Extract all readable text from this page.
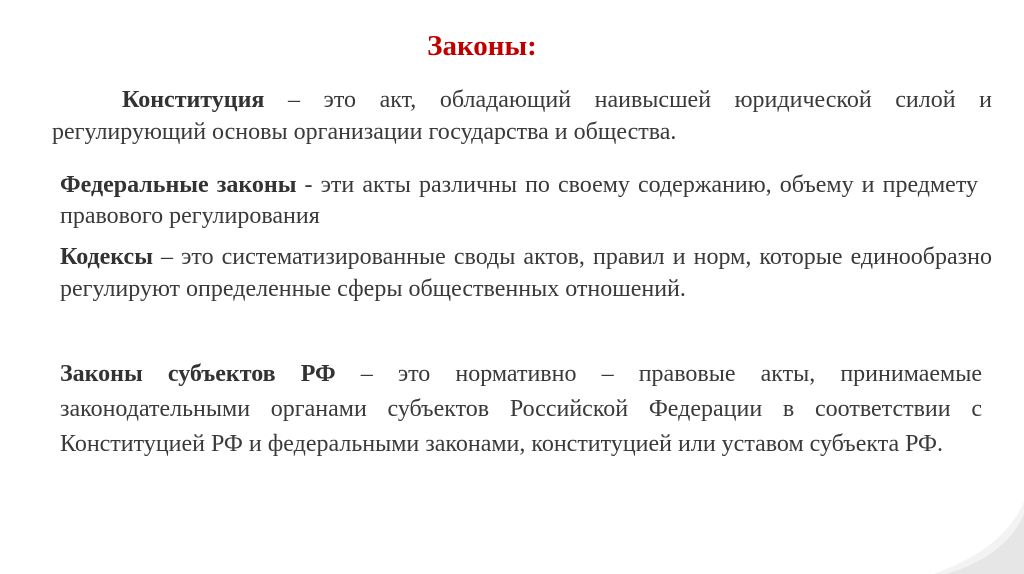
Законы:
Конституция – это акт, обладающий наивысшей юридической силой и регулирующий основы организации государства и общества.
Федеральные законы - эти акты различны по своему содержанию, объему и предмету правового регулирования
Кодексы – это систематизированные своды актов, правил и норм, которые единообразно регулируют определенные сферы общественных отношений.
Законы субъектов РФ – это нормативно – правовые акты, принимаемые законодательными органами субъектов Российской Федерации в соответствии с Конституцией РФ и федеральными законами, конституцией или уставом субъекта РФ.
